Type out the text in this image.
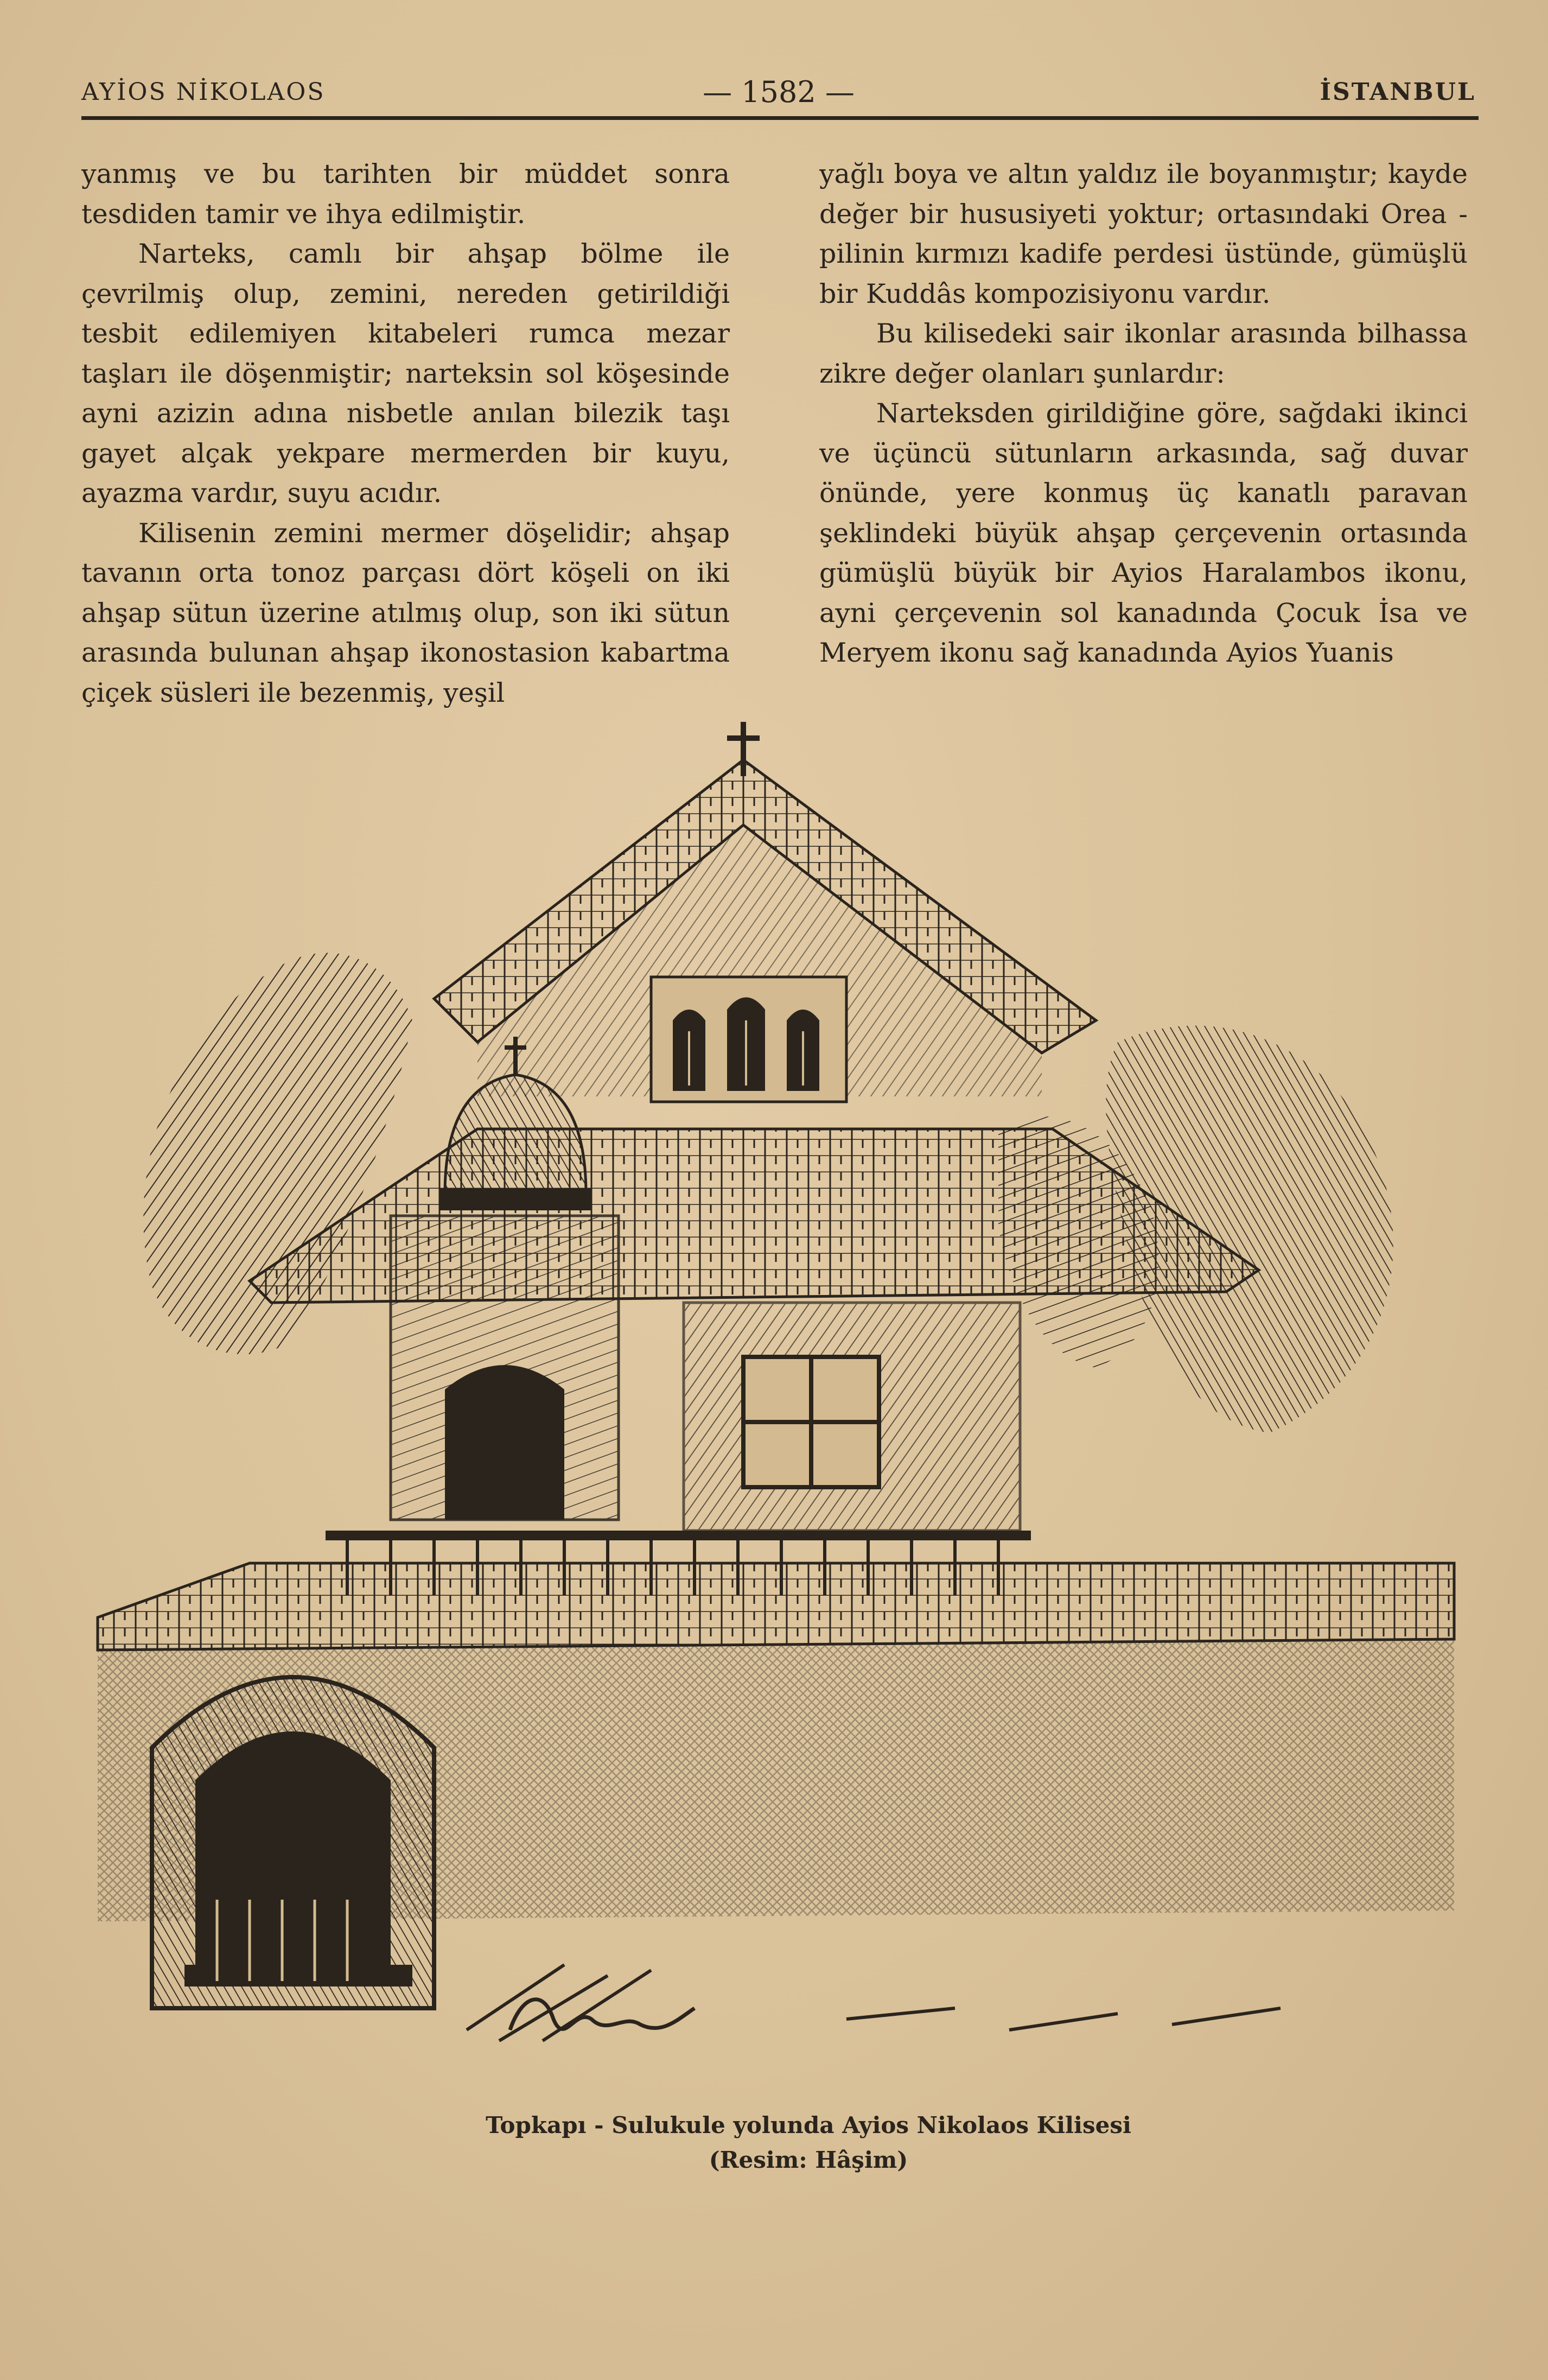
AYİOS NİKOLAOS	— 1582 —	İSTANBUL

yanmış ve bu tarihten bir müddet sonra tesdiden tamir ve ihya edilmiştir.

Narteks, camlı bir ahşap bölme ile çevrilmiş olup, zemini, nereden getirildiği tesbit edilemiyen kitabeleri rumca mezar taşları ile döşenmiştir; narteksin sol köşesinde ayni azizin adına nisbetle anılan bilezik taşı gayet alçak yekpare mermerden bir kuyu, ayazma vardır, suyu acıdır.

Kilisenin zemini mermer döşelidir; ahşap tavanın orta tonoz parçası dört köşeli on iki ahşap sütun üzerine atılmış olup, son iki sütun arasında bulunan ahşap ikonostasion kabartma çiçek süsleri ile bezenmiş, yeşil

yağlı boya ve altın yaldız ile boyanmıştır; kayde değer bir hususiyeti yoktur; ortasındaki Orea - pilinin kırmızı kadife perdesi üstünde, gümüşlü bir Kuddâs kompozisiyonu vardır.

Bu kilisedeki sair ikonlar arasında bilhassa zikre değer olanları şunlardır:

Narteksden girildiğine göre, sağdaki ikinci ve üçüncü sütunların arkasında, sağ duvar önünde, yere konmuş üç kanatlı paravan şeklindeki büyük ahşap çerçevenin ortasında gümüşlü büyük bir Ayios Haralambos ikonu, ayni çerçevenin sol kanadında Çocuk İsa ve Meryem ikonu sağ kanadında Ayios Yuanis

Topkapı - Sulukule yolunda Ayios Nikolaos Kilisesi
(Resim: Hâşim)
